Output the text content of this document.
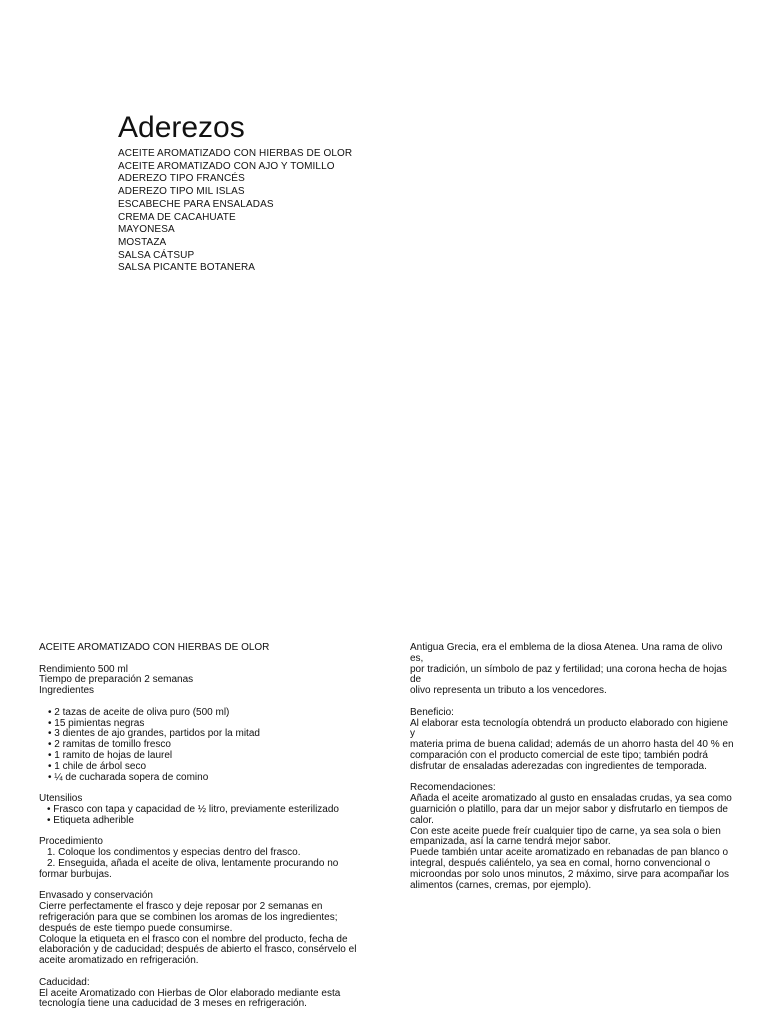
Aderezos
ACEITE AROMATIZADO CON HIERBAS DE OLOR
ACEITE AROMATIZADO CON AJO Y TOMILLO
ADEREZO TIPO FRANCÉS
ADEREZO TIPO MIL ISLAS
ESCABECHE PARA ENSALADAS
CREMA DE CACAHUATE
MAYONESA
MOSTAZA
SALSA CÁTSUP
SALSA PICANTE BOTANERA

ACEITE AROMATIZADO CON HIERBAS DE OLOR

Rendimiento 500 ml

Tiempo de preparación 2 semanas

Ingredientes

• 2 tazas de aceite de oliva puro (500 ml)

• 15 pimientas negras

• 3 dientes de ajo grandes, partidos por la mitad

• 2 ramitas de tomillo fresco

• 1 ramito de hojas de laurel

• 1 chile de árbol seco

• ¼ de cucharada sopera de comino

Utensilios

• Frasco con tapa y capacidad de ½ litro, previamente esterilizado

• Etiqueta adherible

Procedimiento

1. Coloque los condimentos y especias dentro del frasco.

2. Enseguida, añada el aceite de oliva, lentamente procurando no

formar burbujas.

Envasado y conservación

Cierre perfectamente el frasco y deje reposar por 2 semanas en

refrigeración para que se combinen los aromas de los ingredientes;

después de este tiempo puede consumirse.

Coloque la etiqueta en el frasco con el nombre del producto, fecha de

elaboración y de caducidad; después de abierto el frasco, consérvelo el

aceite aromatizado en refrigeración.

Caducidad:

El aceite Aromatizado con Hierbas de Olor elaborado mediante esta

tecnología tiene una caducidad de 3 meses en refrigeración.

Antigua Grecia, era el emblema de la diosa Atenea. Una rama de olivo es,

por tradición, un símbolo de paz y fertilidad; una corona hecha de hojas de

olivo representa un tributo a los vencedores.

Beneficio:

Al elaborar esta tecnología obtendrá un producto elaborado con higiene y

materia prima de buena calidad; además de un ahorro hasta del 40 % en

comparación con el producto comercial de este tipo; también podrá

disfrutar de ensaladas aderezadas con ingredientes de temporada.

Recomendaciones:

Añada el aceite aromatizado al gusto en ensaladas crudas, ya sea como

guarnición o platillo, para dar un mejor sabor y disfrutarlo en tiempos de

calor.

Con este aceite puede freír cualquier tipo de carne, ya sea sola o bien

empanizada, así la carne tendrá mejor sabor.

Puede también untar aceite aromatizado en rebanadas de pan blanco o

integral, después caliéntelo, ya sea en comal, horno convencional o

microondas por solo unos minutos, 2 máximo, sirve para acompañar los

alimentos (carnes, cremas, por ejemplo).
